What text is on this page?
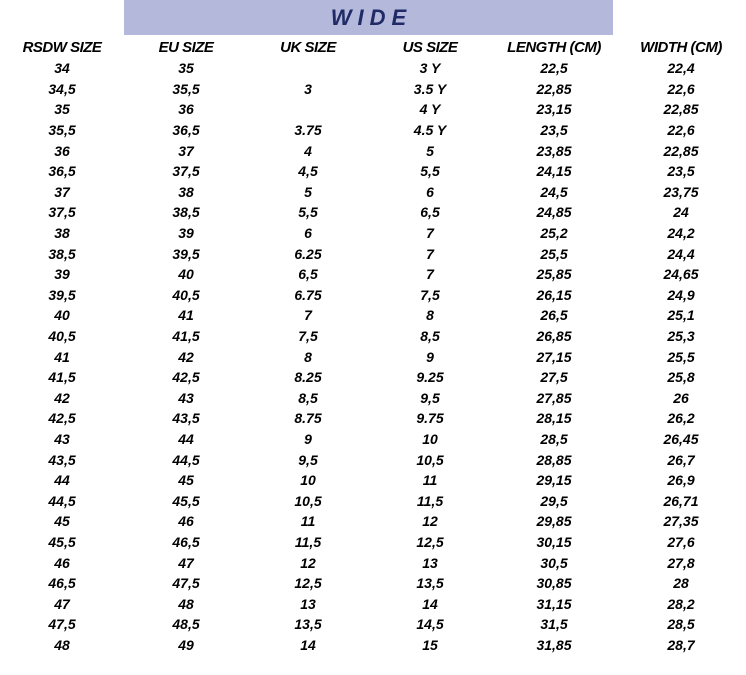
WIDE
RSDW SIZE	EU SIZE	UK SIZE	US SIZE	LENGTH (CM)	WIDTH (CM)
34	35		3 Y	22,5	22,4
34,5	35,5	3	3.5 Y	22,85	22,6
35	36		4 Y	23,15	22,85
35,5	36,5	3.75	4.5 Y	23,5	22,6
36	37	4	5	23,85	22,85
36,5	37,5	4,5	5,5	24,15	23,5
37	38	5	6	24,5	23,75
37,5	38,5	5,5	6,5	24,85	24
38	39	6	7	25,2	24,2
38,5	39,5	6.25	7	25,5	24,4
39	40	6,5	7	25,85	24,65
39,5	40,5	6.75	7,5	26,15	24,9
40	41	7	8	26,5	25,1
40,5	41,5	7,5	8,5	26,85	25,3
41	42	8	9	27,15	25,5
41,5	42,5	8.25	9.25	27,5	25,8
42	43	8,5	9,5	27,85	26
42,5	43,5	8.75	9.75	28,15	26,2
43	44	9	10	28,5	26,45
43,5	44,5	9,5	10,5	28,85	26,7
44	45	10	11	29,15	26,9
44,5	45,5	10,5	11,5	29,5	26,71
45	46	11	12	29,85	27,35
45,5	46,5	11,5	12,5	30,15	27,6
46	47	12	13	30,5	27,8
46,5	47,5	12,5	13,5	30,85	28
47	48	13	14	31,15	28,2
47,5	48,5	13,5	14,5	31,5	28,5
48	49	14	15	31,85	28,7
